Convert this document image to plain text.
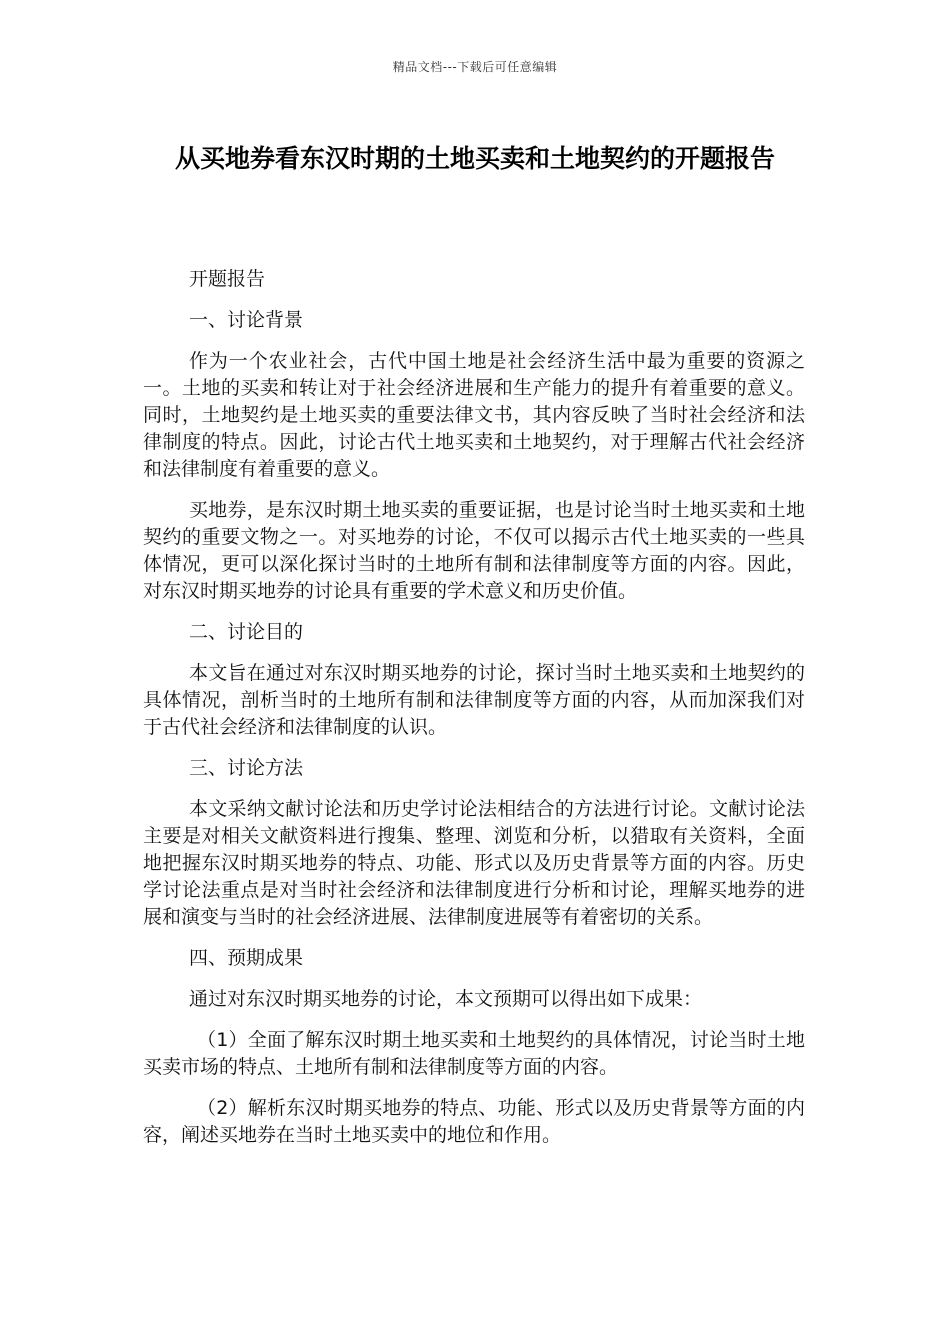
精品文档---下载后可任意编辑
从买地券看东汉时期的土地买卖和土地契约的开题报告

开题报告

一、讨论背景

作为一个农业社会，古代中国土地是社会经济生活中最为重要的资源之一。土地的买卖和转让对于社会经济进展和生产能力的提升有着重要的意义。同时，土地契约是土地买卖的重要法律文书，其内容反映了当时社会经济和法律制度的特点。因此，讨论古代土地买卖和土地契约，对于理解古代社会经济和法律制度有着重要的意义。

买地券，是东汉时期土地买卖的重要证据，也是讨论当时土地买卖和土地契约的重要文物之一。对买地券的讨论，不仅可以揭示古代土地买卖的一些具体情况，更可以深化探讨当时的土地所有制和法律制度等方面的内容。因此，对东汉时期买地券的讨论具有重要的学术意义和历史价值。

二、讨论目的

本文旨在通过对东汉时期买地券的讨论，探讨当时土地买卖和土地契约的具体情况，剖析当时的土地所有制和法律制度等方面的内容，从而加深我们对于古代社会经济和法律制度的认识。

三、讨论方法

本文采纳文献讨论法和历史学讨论法相结合的方法进行讨论。文献讨论法主要是对相关文献资料进行搜集、整理、浏览和分析，以猎取有关资料，全面地把握东汉时期买地券的特点、功能、形式以及历史背景等方面的内容。历史学讨论法重点是对当时社会经济和法律制度进行分析和讨论，理解买地券的进展和演变与当时的社会经济进展、法律制度进展等有着密切的关系。

四、预期成果

通过对东汉时期买地券的讨论，本文预期可以得出如下成果：

（1）全面了解东汉时期土地买卖和土地契约的具体情况，讨论当时土地买卖市场的特点、土地所有制和法律制度等方面的内容。

（2）解析东汉时期买地券的特点、功能、形式以及历史背景等方面的内容，阐述买地券在当时土地买卖中的地位和作用。
